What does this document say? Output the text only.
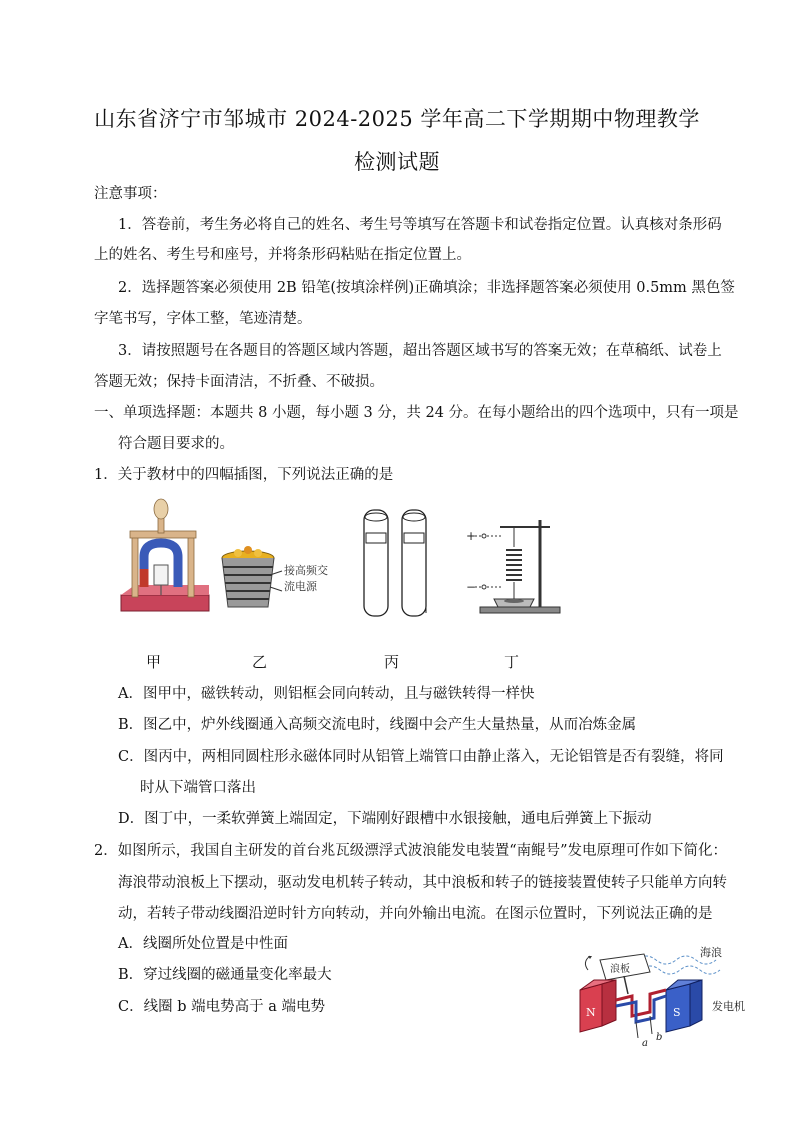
山东省济宁市邹城市 2024-2025 学年高二下学期期中物理教学
检测试题
注意事项：
1．答卷前，考生务必将自己的姓名、考生号等填写在答题卡和试卷指定位置。认真核对条形码
上的姓名、考生号和座号，并将条形码粘贴在指定位置上。
2．选择题答案必须使用 2B 铅笔(按填涂样例)正确填涂；非选择题答案必须使用 0.5mm 黑色签
字笔书写，字体工整，笔迹清楚。
3．请按照题号在各题目的答题区域内答题，超出答题区域书写的答案无效；在草稿纸、试卷上
答题无效；保持卡面清洁，不折叠、不破损。
一、单项选择题：本题共 8 小题，每小题 3 分，共 24 分。在每小题给出的四个选项中，只有一项是
符合题目要求的。
1．关于教材中的四幅插图，下列说法正确的是
接高频交
流电源
+
−
甲	乙	丙	丁
A．图甲中，磁铁转动，则铝框会同向转动，且与磁铁转得一样快
B．图乙中，炉外线圈通入高频交流电时，线圈中会产生大量热量，从而冶炼金属
C．图丙中，两相同圆柱形永磁体同时从铝管上端管口由静止落入，无论铝管是否有裂缝，将同
时从下端管口落出
D．图丁中，一柔软弹簧上端固定，下端刚好跟槽中水银接触，通电后弹簧上下振动
2．如图所示，我国自主研发的首台兆瓦级漂浮式波浪能发电装置“南鲲号”发电原理可作如下简化：
海浪带动浪板上下摆动，驱动发电机转子转动，其中浪板和转子的链接装置使转子只能单方向转
动，若转子带动线圈沿逆时针方向转动，并向外输出电流。在图示位置时，下列说法正确的是
A．线圈所处位置是中性面
B．穿过线圈的磁通量变化率最大
C．线圈 b 端电势高于 a 端电势
海浪
浪板
N	S
a
b
发电机
